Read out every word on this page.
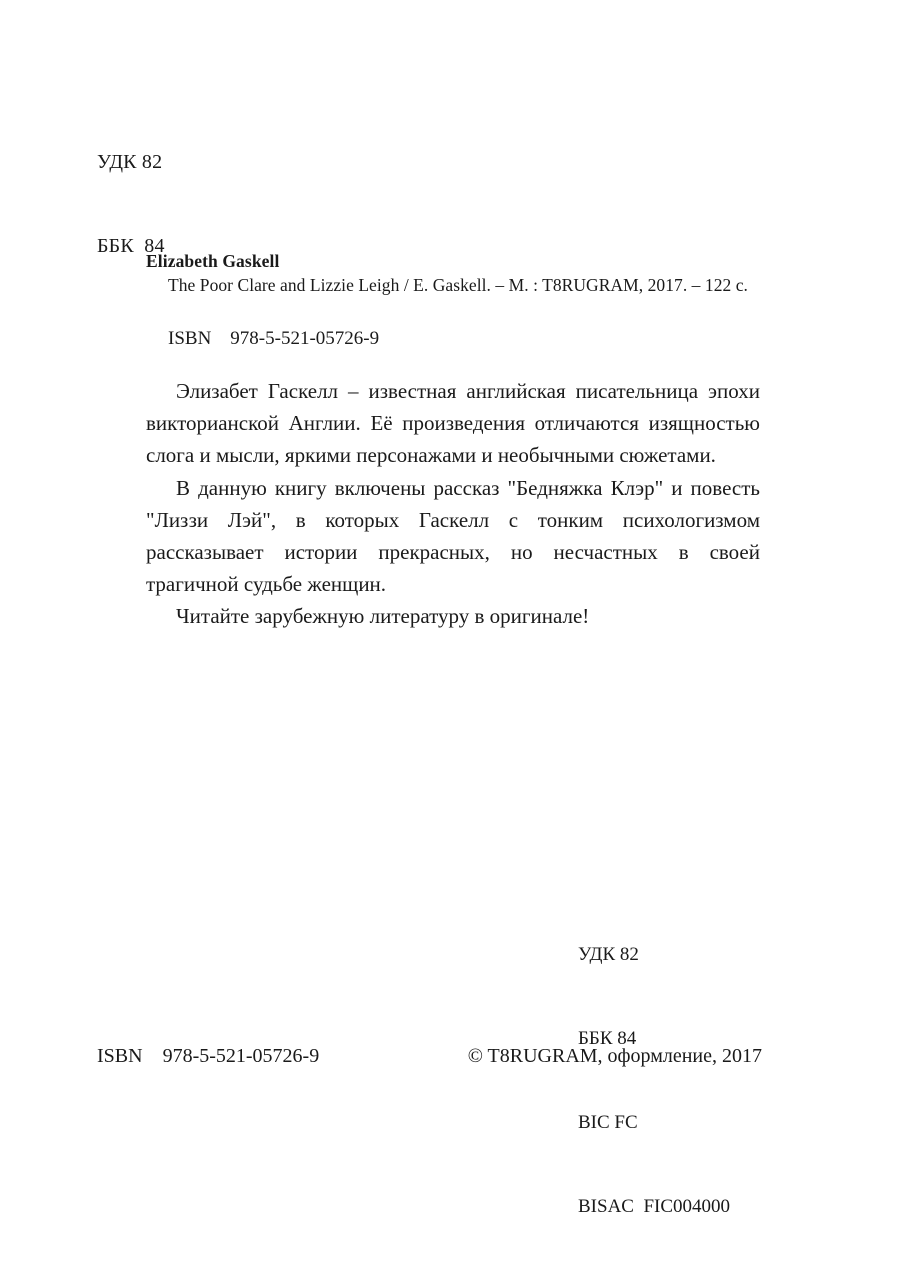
УДК 82

ББК  84

Elizabeth Gaskell

The Poor Clare and Lizzie Leigh / E. Gaskell. – M. : T8RUGRAM, 2017. – 122 c.

ISBN    978-5-521-05726-9

Элизабет Гаскелл – известная английская писательница эпохи викторианской Англии. Её произведения отличаются изящностью слога и мысли, яркими персонажами и необычными сюжетами.

В данную книгу включены рассказ "Бедняжка Клэр" и повесть "Лиззи Лэй", в которых Гаскелл с тонким психологизмом рассказывает истории прекрасных, но несчастных в своей трагичной судьбе женщин.

Читайте зарубежную литературу в оригинале!

УДК 82

ББК 84

BIC FC

BISAC  FIC004000

ISBN    978-5-521-05726-9	© T8RUGRAM, оформление, 2017
